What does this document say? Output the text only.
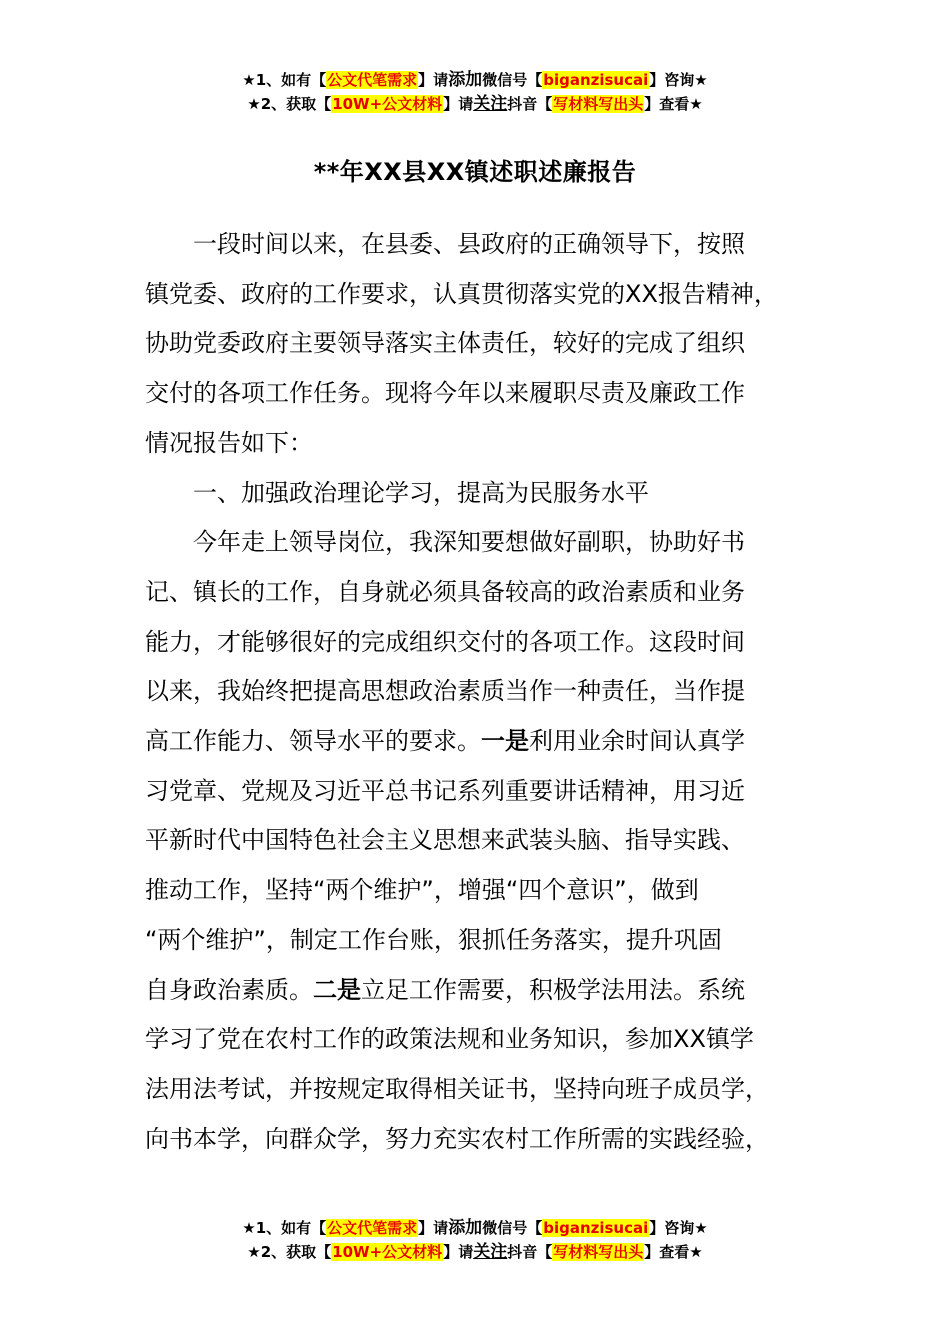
★1、如有【公文代笔需求】请添加微信号【biganzisucai】咨询★
★2、获取【10W+公文材料】请关注抖音【写材料写出头】查看★
**年XX县XX镇述职述廉报告

一段时间以来，在县委、县政府的正确领导下，按照
镇党委、政府的工作要求，认真贯彻落实党的XX报告精神，
协助党委政府主要领导落实主体责任，较好的完成了组织
交付的各项工作任务。现将今年以来履职尽责及廉政工作
情况报告如下：

一、加强政治理论学习，提高为民服务水平

今年走上领导岗位，我深知要想做好副职，协助好书
记、镇长的工作，自身就必须具备较高的政治素质和业务
能力，才能够很好的完成组织交付的各项工作。这段时间
以来，我始终把提高思想政治素质当作一种责任，当作提
高工作能力、领导水平的要求。一是利用业余时间认真学
习党章、党规及习近平总书记系列重要讲话精神，用习近
平新时代中国特色社会主义思想来武装头脑、指导实践、
推动工作，坚持“两个维护”，增强“四个意识”，做到
“两个维护”，制定工作台账，狠抓任务落实，提升巩固
自身政治素质。二是立足工作需要，积极学法用法。系统
学习了党在农村工作的政策法规和业务知识，参加XX镇学
法用法考试，并按规定取得相关证书，坚持向班子成员学，
向书本学，向群众学，努力充实农村工作所需的实践经验，

★1、如有【公文代笔需求】请添加微信号【biganzisucai】咨询★
★2、获取【10W+公文材料】请关注抖音【写材料写出头】查看★
